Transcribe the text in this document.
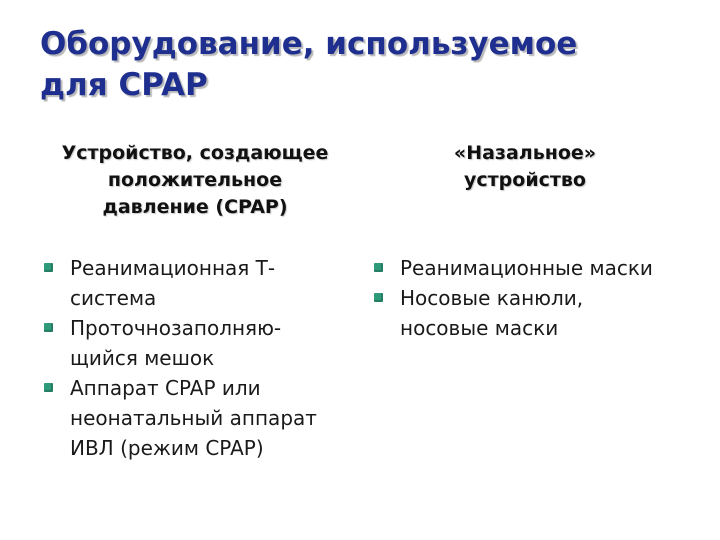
Оборудование, используемое
для CPAP
Устройство, создающее
положительное
давление (CPAP)
«Назальное»
устройство
Реанимационная Т-
система
Проточнозаполняю-
щийся мешок
Аппарат CPAP или
неонатальный аппарат
ИВЛ (режим CPAP)
Реанимационные маски
Носовые канюли,
носовые маски
